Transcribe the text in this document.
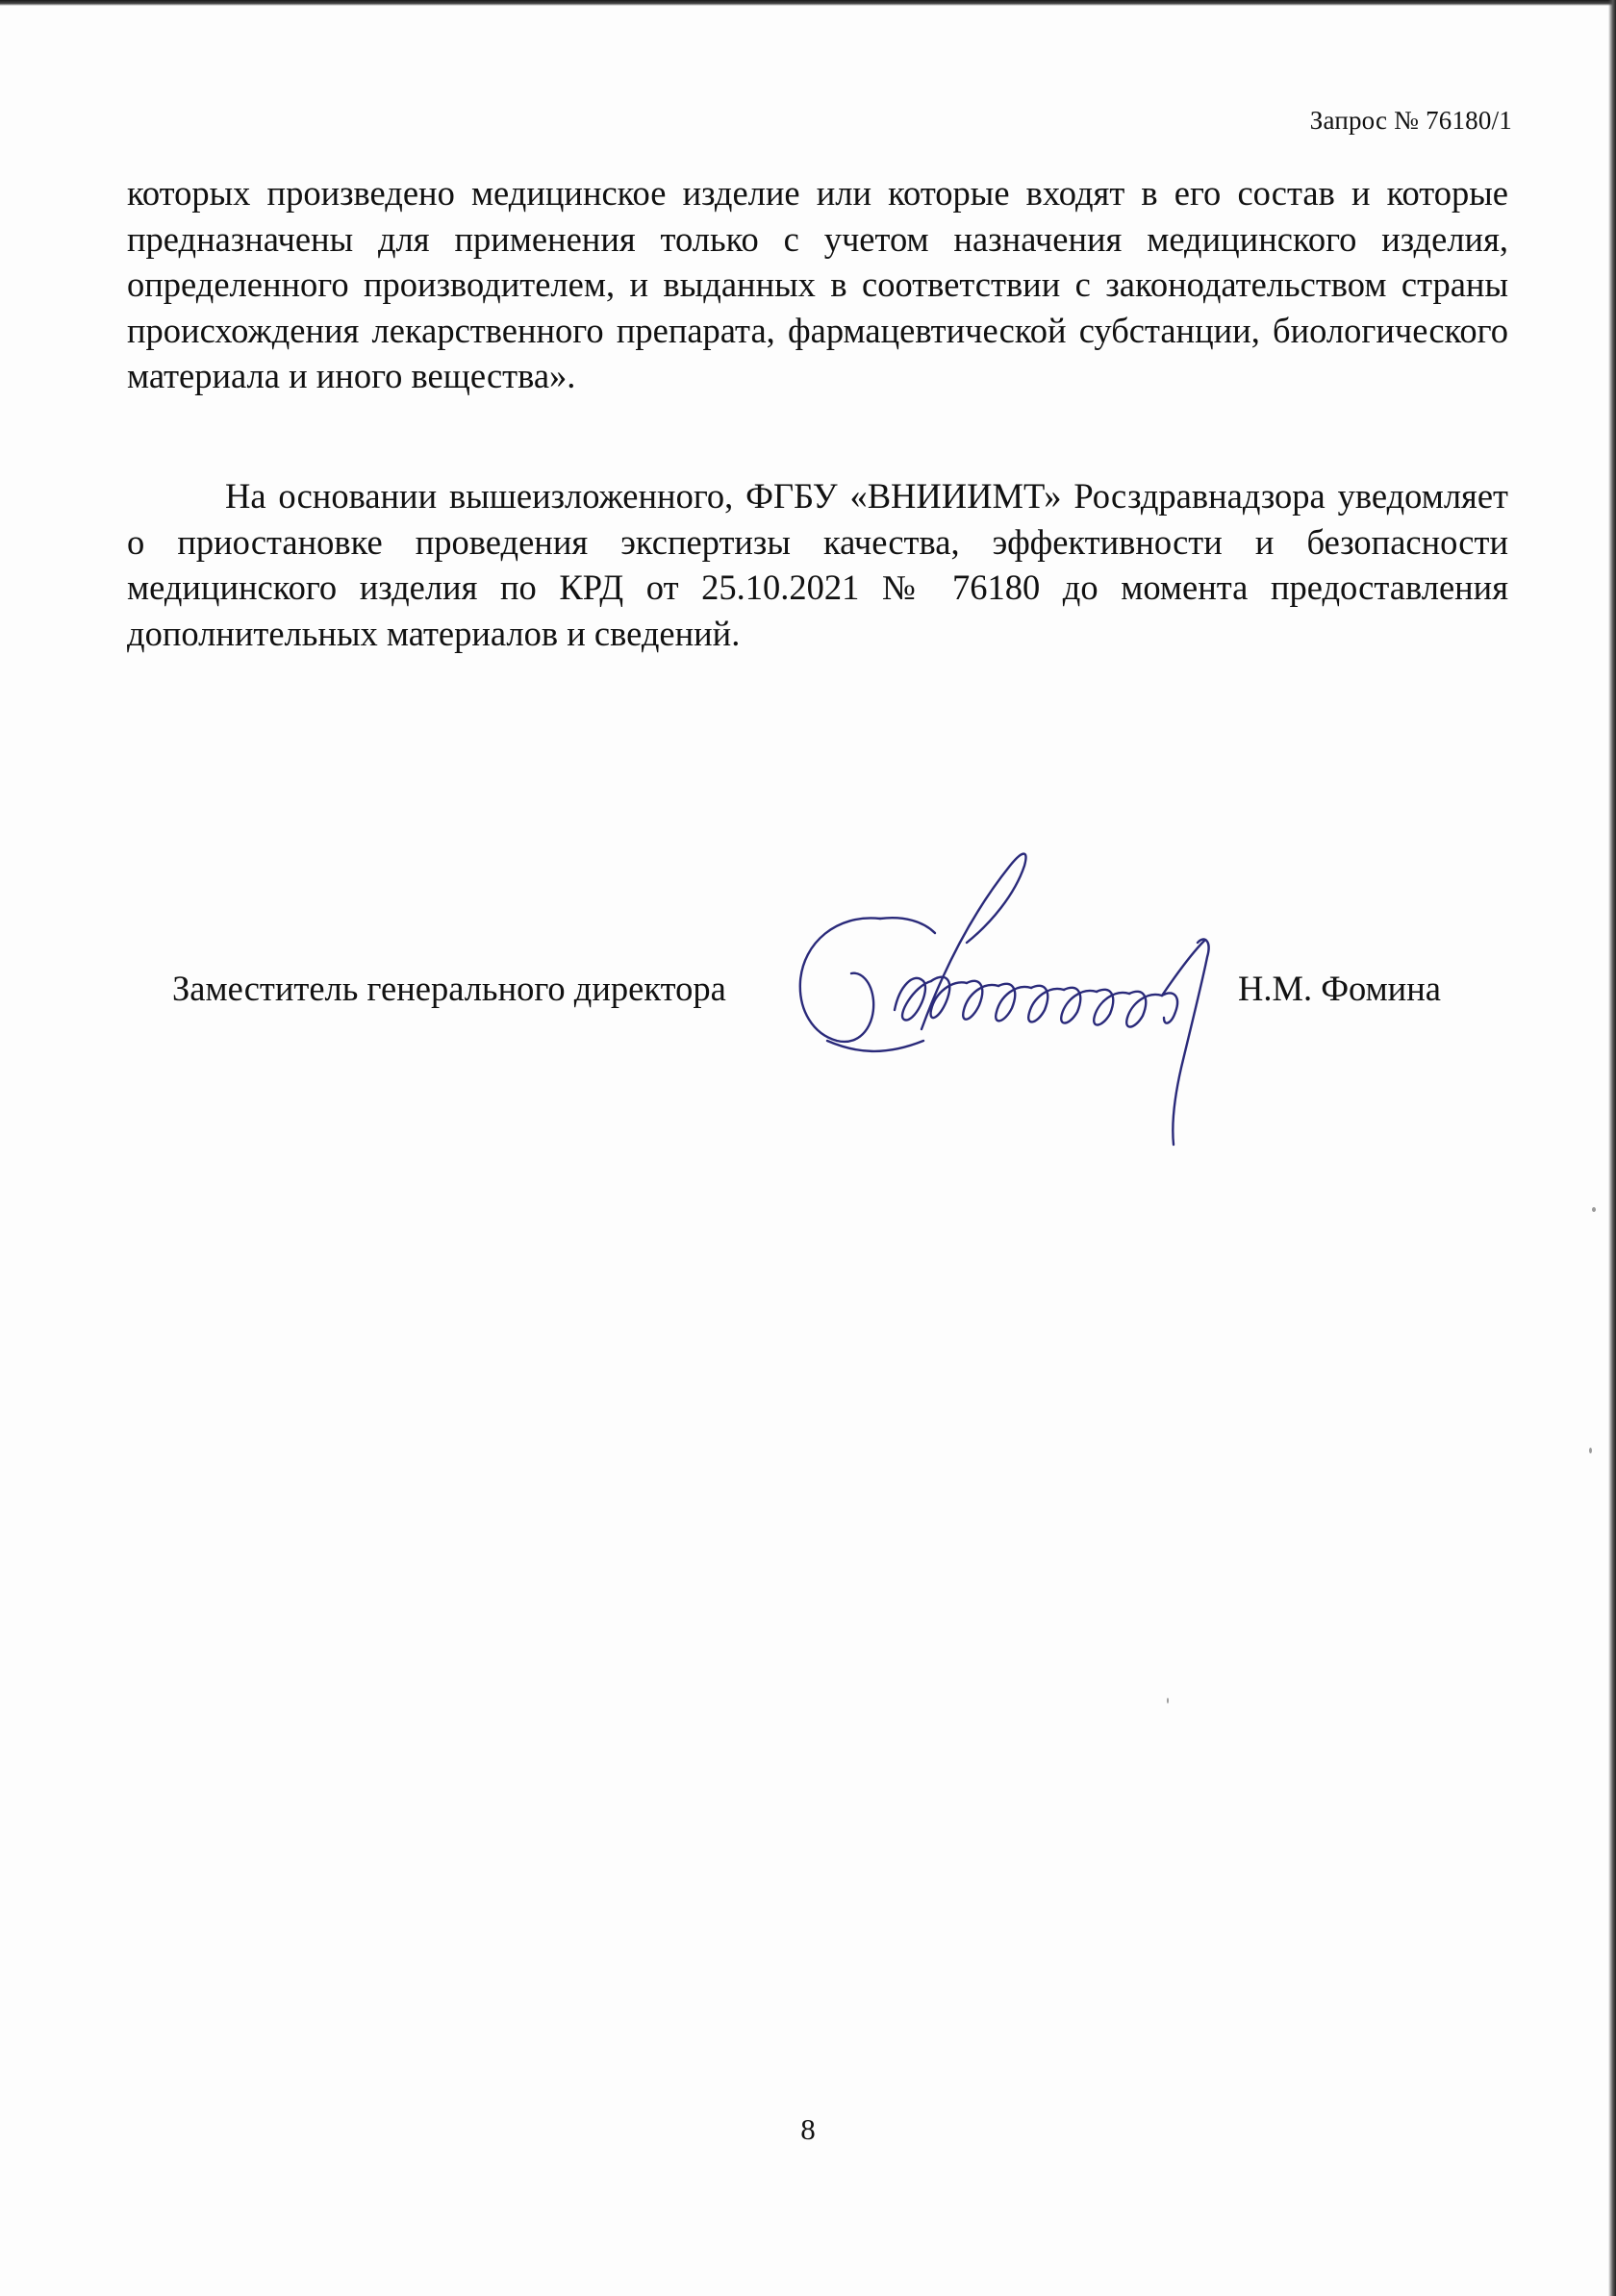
Запрос № 76180/1
которых произведено медицинское изделие или которые входят в его состав и которые предназначены для применения только с учетом назначения медицинского изделия, определенного производителем, и выданных в соответствии с законодательством страны происхождения лекарственного препарата, фармацевтической субстанции, биологического материала и иного вещества».
На основании вышеизложенного, ФГБУ «ВНИИИМТ» Росздравнадзора уведомляет о приостановке проведения экспертизы качества, эффективности и безопасности медицинского изделия по КРД от 25.10.2021 № 76180 до момента предоставления дополнительных материалов и сведений.
Заместитель генерального директора	Н.М. Фомина
8
